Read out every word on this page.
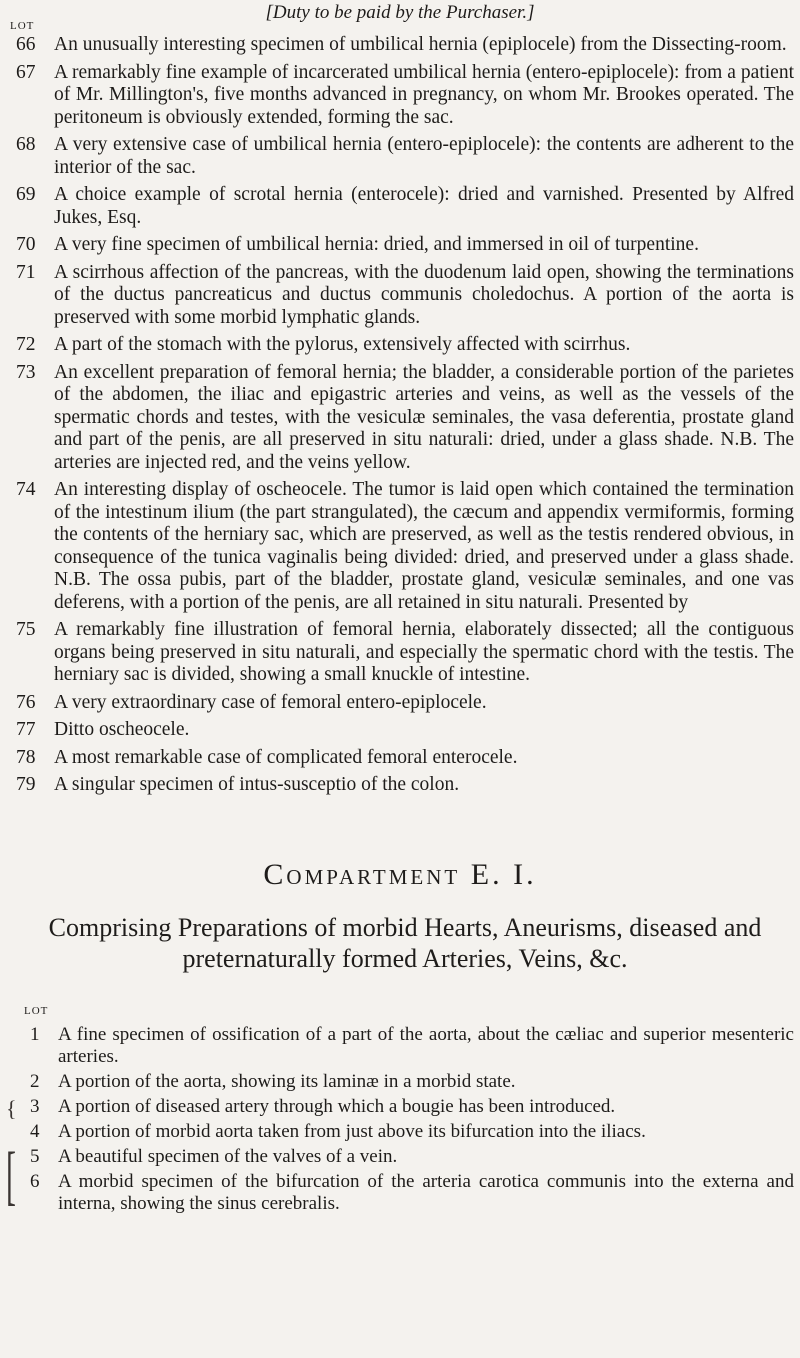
[Duty to be paid by the Purchaser.]
LOT
66 An unusually interesting specimen of umbilical hernia (epiplocele) from the Dissecting-room.
67 A remarkably fine example of incarcerated umbilical hernia (entero-epiplocele): from a patient of Mr. Millington's, five months advanced in pregnancy, on whom Mr. Brookes operated. The peritoneum is obviously extended, forming the sac.
68 A very extensive case of umbilical hernia (entero-epiplocele): the contents are adherent to the interior of the sac.
69 A choice example of scrotal hernia (enterocele): dried and varnished. Presented by Alfred Jukes, Esq.
70 A very fine specimen of umbilical hernia: dried, and immersed in oil of turpentine.
71 A scirrhous affection of the pancreas, with the duodenum laid open, showing the terminations of the ductus pancreaticus and ductus communis choledochus. A portion of the aorta is preserved with some morbid lymphatic glands.
72 A part of the stomach with the pylorus, extensively affected with scirrhus.
73 An excellent preparation of femoral hernia; the bladder, a considerable portion of the parietes of the abdomen, the iliac and epigastric arteries and veins, as well as the vessels of the spermatic chords and testes, with the vesiculæ seminales, the vasa deferentia, prostate gland and part of the penis, are all preserved in situ naturali: dried, under a glass shade. N.B. The arteries are injected red, and the veins yellow.
74 An interesting display of oscheocele. The tumor is laid open which contained the termination of the intestinum ilium (the part strangulated), the cæcum and appendix vermiformis, forming the contents of the herniary sac, which are preserved, as well as the testis rendered obvious, in consequence of the tunica vaginalis being divided: dried, and preserved under a glass shade. N.B. The ossa pubis, part of the bladder, prostate gland, vesiculæ seminales, and one vas deferens, with a portion of the penis, are all retained in situ naturali. Presented by
75 A remarkably fine illustration of femoral hernia, elaborately dissected; all the contiguous organs being preserved in situ naturali, and especially the spermatic chord with the testis. The herniary sac is divided, showing a small knuckle of intestine.
76 A very extraordinary case of femoral entero-epiplocele.
77 Ditto oscheocele.
78 A most remarkable case of complicated femoral enterocele.
79 A singular specimen of intus-susceptio of the colon.
Compartment E. I.
Comprising Preparations of morbid Hearts, Aneurisms, diseased and preternaturally formed Arteries, Veins, &c.
LOT
{
[
1 A fine specimen of ossification of a part of the aorta, about the cæliac and superior mesenteric arteries.
2 A portion of the aorta, showing its laminæ in a morbid state.
3 A portion of diseased artery through which a bougie has been introduced.
4 A portion of morbid aorta taken from just above its bifurcation into the iliacs.
5 A beautiful specimen of the valves of a vein.
6 A morbid specimen of the bifurcation of the arteria carotica communis into the externa and interna, showing the sinus cerebralis.
